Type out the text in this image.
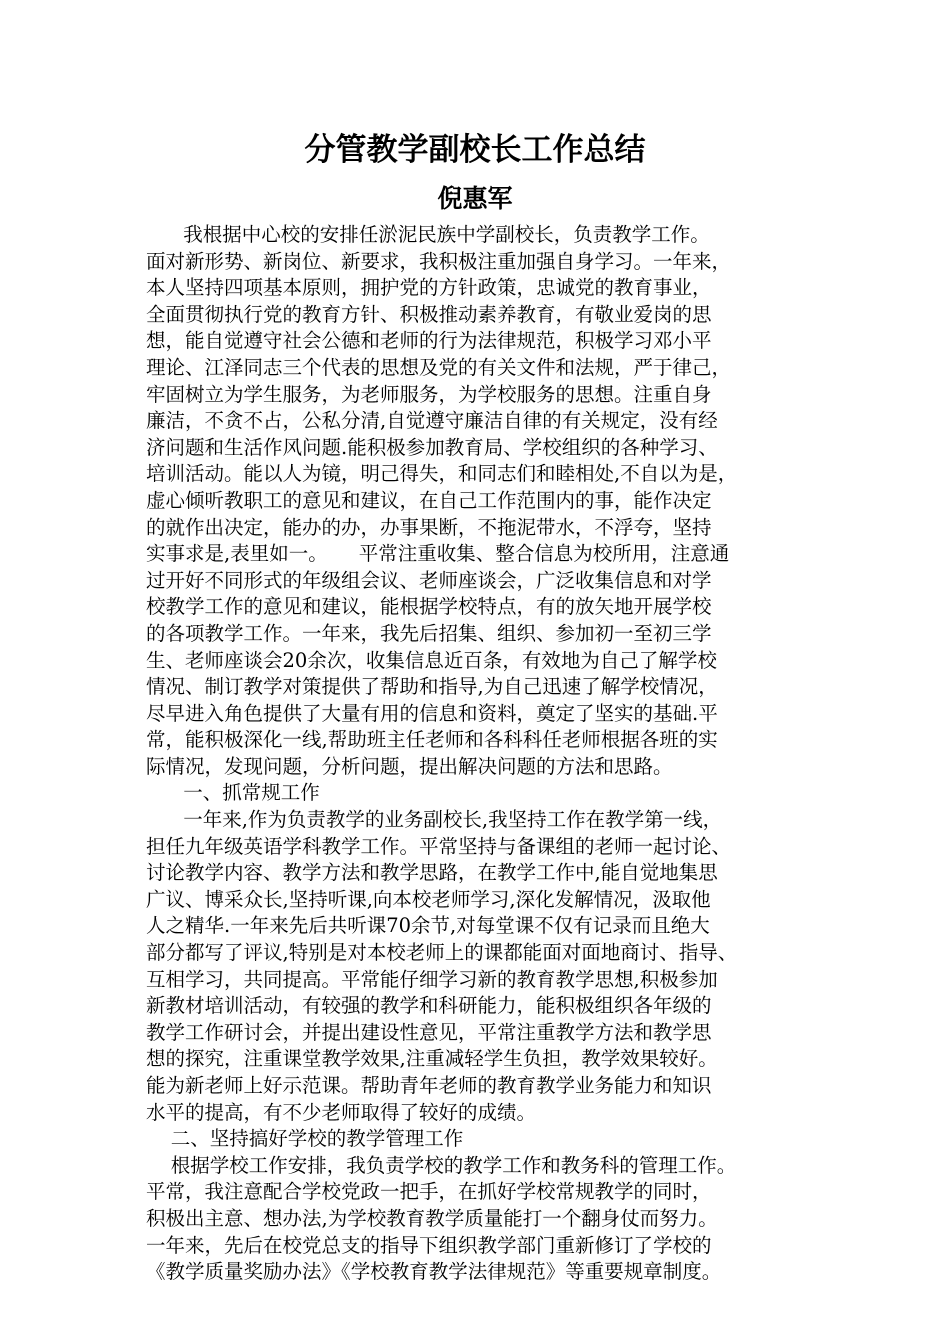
分管教学副校长工作总结
倪惠军
我根据中心校的安排任淤泥民族中学副校长，负责教学工作。
面对新形势、新岗位、新要求，我积极注重加强自身学习。一年来，
本人坚持四项基本原则，拥护党的方针政策，忠诚党的教育事业，
全面贯彻执行党的教育方针、积极推动素养教育，有敬业爱岗的思
想，能自觉遵守社会公德和老师的行为法律规范，积极学习邓小平
理论、江泽同志三个代表的思想及党的有关文件和法规，严于律己，
牢固树立为学生服务，为老师服务，为学校服务的思想。注重自身
廉洁，不贪不占，公私分清,自觉遵守廉洁自律的有关规定，没有经
济问题和生活作风问题.能积极参加教育局、学校组织的各种学习、
培训活动。能以人为镜，明己得失，和同志们和睦相处,不自以为是，
虚心倾听教职工的意见和建议，在自己工作范围内的事，能作决定
的就作出决定，能办的办，办事果断，不拖泥带水，不浮夸，坚持
实事求是,表里如一。     平常注重收集、整合信息为校所用，注意通
过开好不同形式的年级组会议、老师座谈会，广泛收集信息和对学
校教学工作的意见和建议，能根据学校特点，有的放矢地开展学校
的各项教学工作。一年来，我先后招集、组织、参加初一至初三学
生、老师座谈会20余次，收集信息近百条，有效地为自己了解学校
情况、制订教学对策提供了帮助和指导,为自己迅速了解学校情况，
尽早进入角色提供了大量有用的信息和资料，奠定了坚实的基础.平
常，能积极深化一线,帮助班主任老师和各科科任老师根据各班的实
际情况，发现问题，分析问题，提出解决问题的方法和思路。
一、抓常规工作
一年来,作为负责教学的业务副校长,我坚持工作在教学第一线，
担任九年级英语学科教学工作。平常坚持与备课组的老师一起讨论、
讨论教学内容、教学方法和教学思路，在教学工作中,能自觉地集思
广议、博采众长,坚持听课,向本校老师学习,深化发解情况，汲取他
人之精华.一年来先后共听课70余节,对每堂课不仅有记录而且绝大
部分都写了评议,特别是对本校老师上的课都能面对面地商讨、指导、
互相学习，共同提高。平常能仔细学习新的教育教学思想,积极参加
新教材培训活动，有较强的教学和科研能力，能积极组织各年级的
教学工作研讨会，并提出建设性意见，平常注重教学方法和教学思
想的探究，注重课堂教学效果,注重减轻学生负担，教学效果较好。
能为新老师上好示范课。帮助青年老师的教育教学业务能力和知识
水平的提高，有不少老师取得了较好的成绩。
二、坚持搞好学校的教学管理工作
根据学校工作安排，我负责学校的教学工作和教务科的管理工作。
平常，我注意配合学校党政一把手，在抓好学校常规教学的同时，
积极出主意、想办法,为学校教育教学质量能打一个翻身仗而努力。
一年来，先后在校党总支的指导下组织教学部门重新修订了学校的
《教学质量奖励办法》《学校教育教学法律规范》等重要规章制度。
